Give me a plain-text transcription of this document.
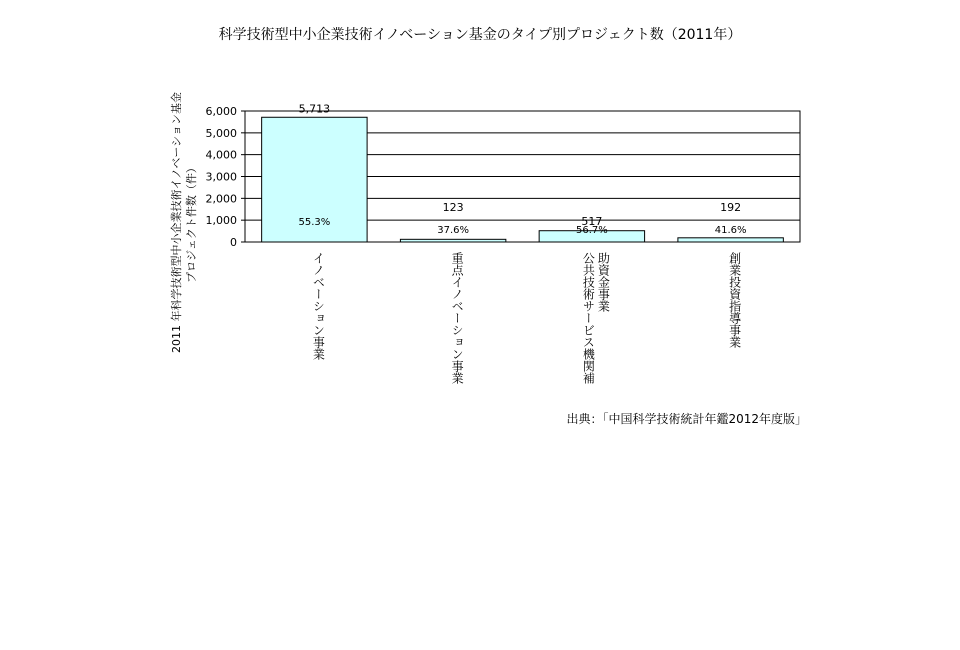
科学技術型中小企業技術イノベーション基金のタイプ別プロジェクト数（2011年）
0
1,000
2,000
3,000
4,000
5,000
6,000
イノベーション事業	重点イノベーション事業	公共技術サービス機関補 助資金事業	創業投資指導事業
5,713
123
517
192
55.3%
37.6%	56.7%	41.6%
2011 年科学技術型中小企業技術イノベーション基金 プロジェクト件数（件）
出典：「中国科学技術統計年鑑2012年度版」
